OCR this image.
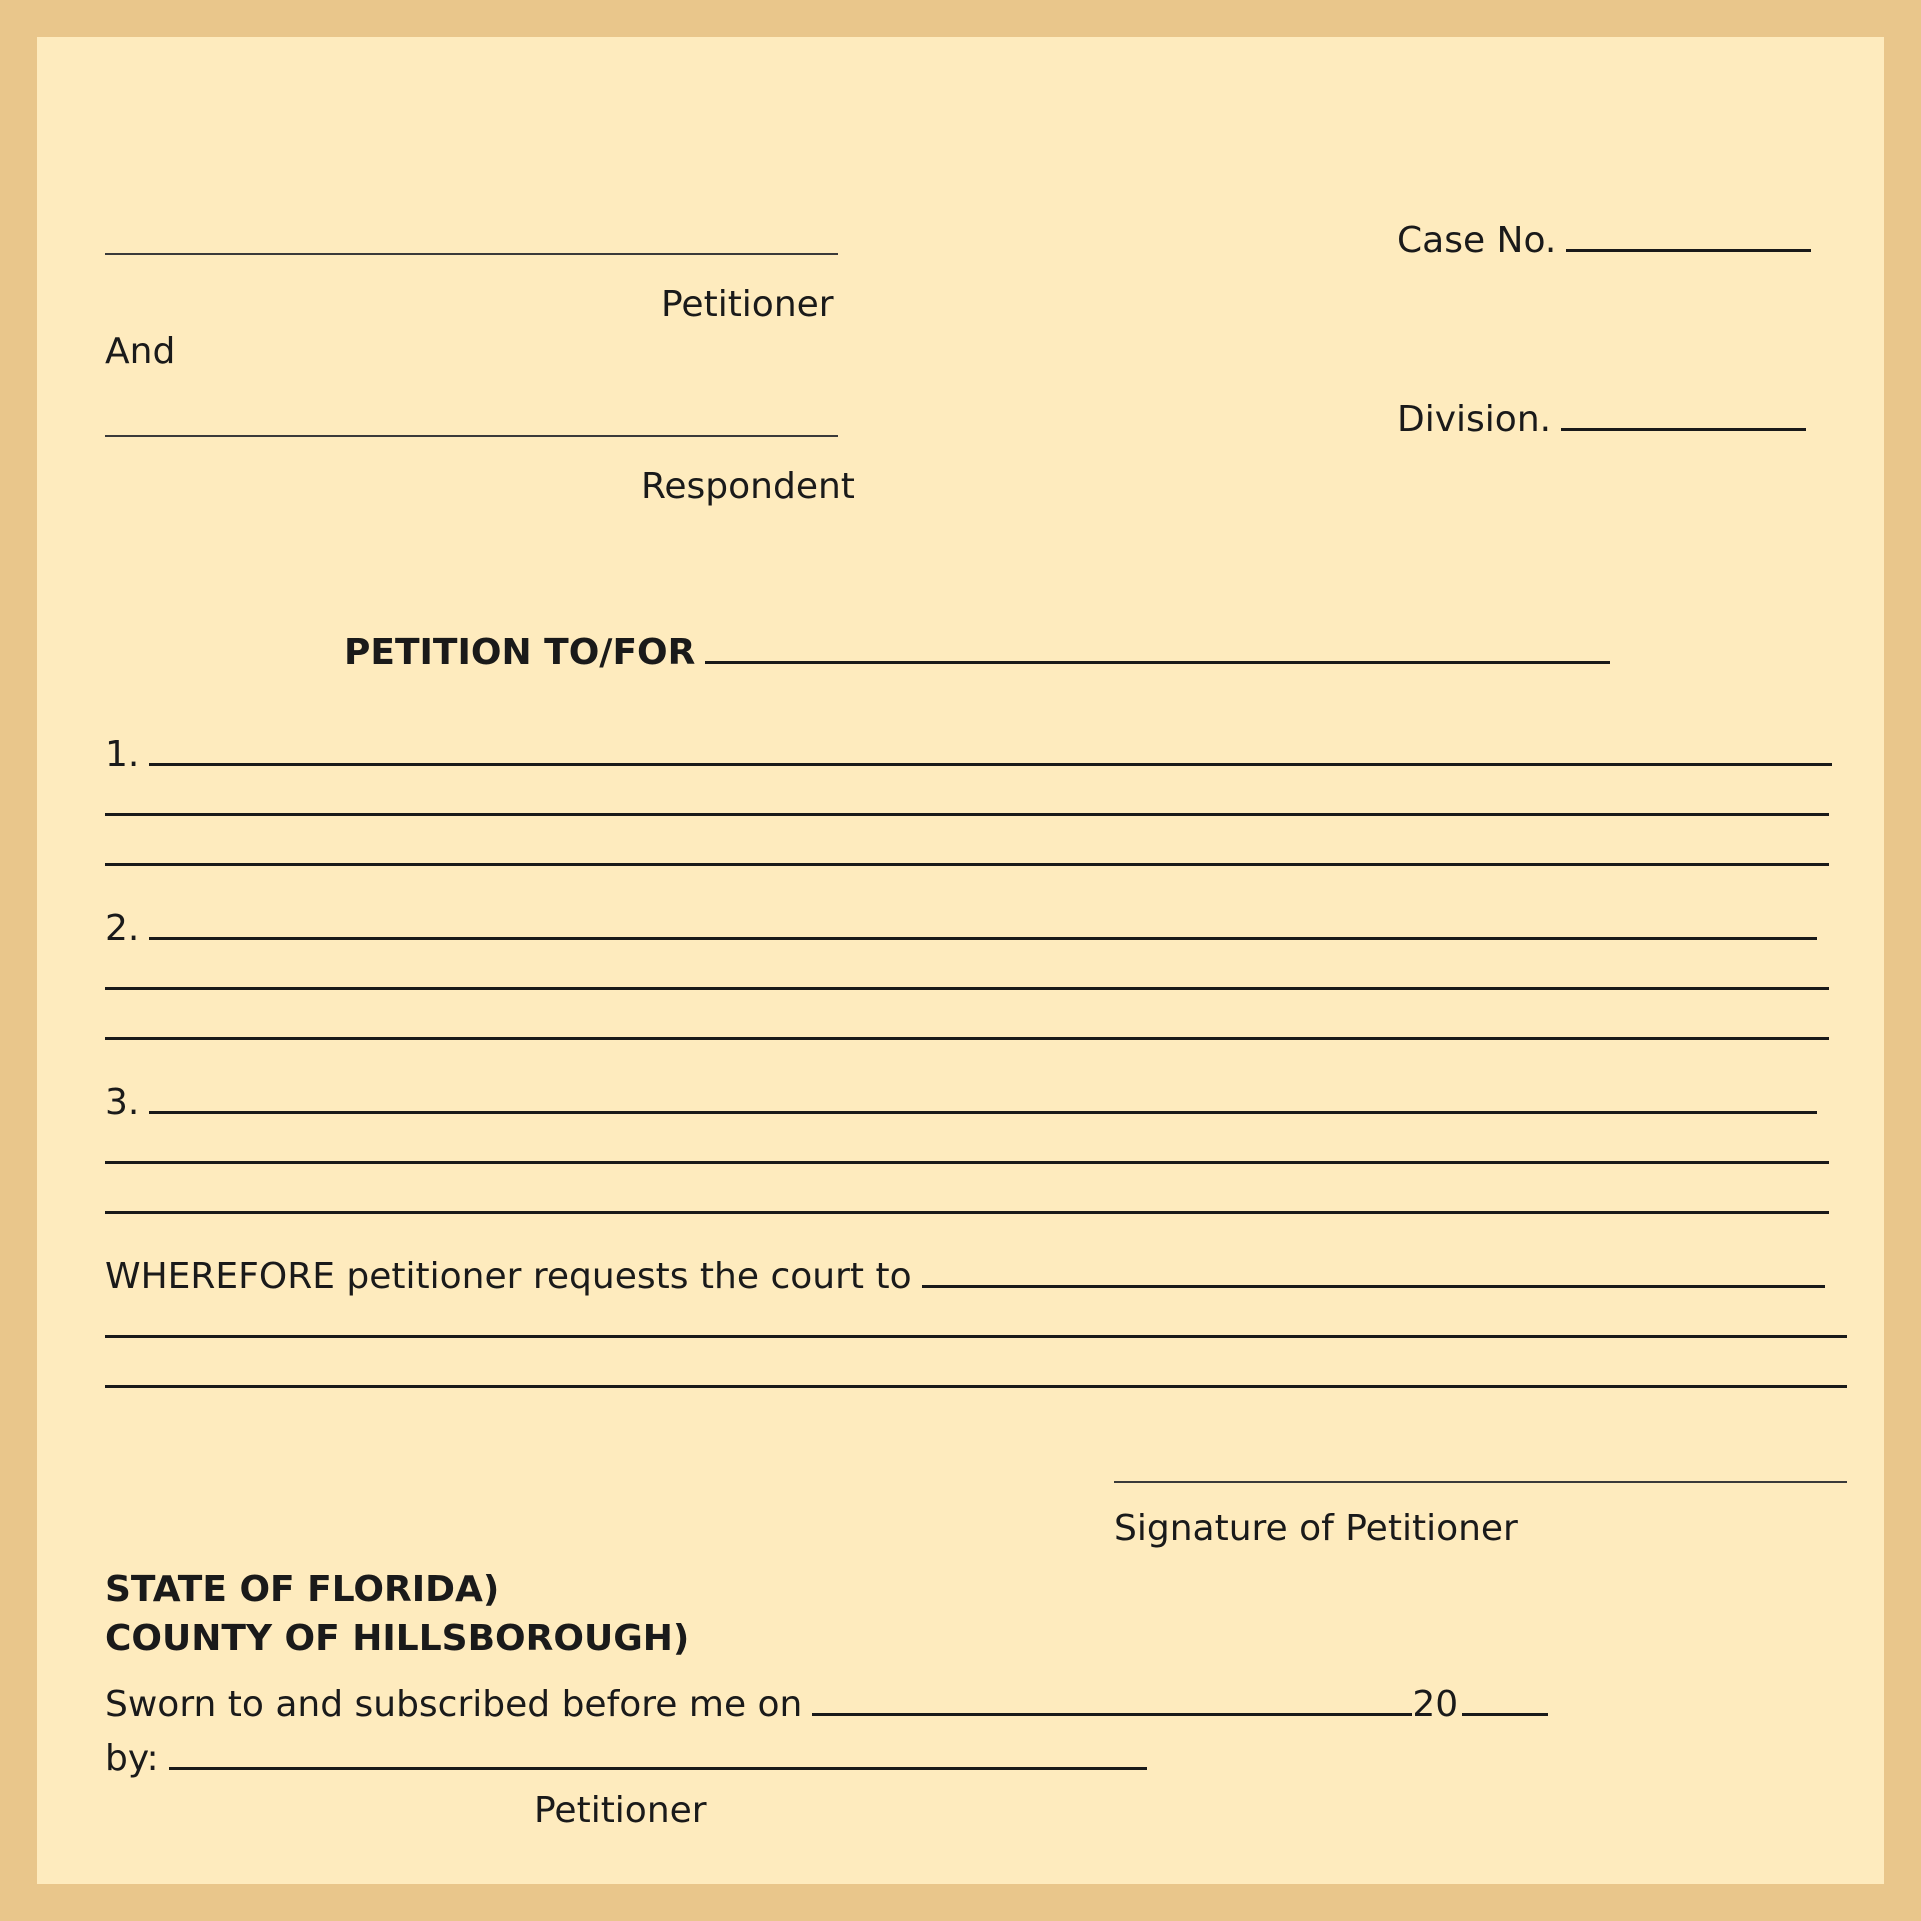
Petitioner
And
Respondent
Case No.
Division.
PETITION TO/FOR
1.
2.
3.
WHEREFORE petitioner requests the court to
Signature of Petitioner
STATE OF FLORIDA)
COUNTY OF HILLSBOROUGH)
Sworn to and subscribed before me on	20
by:
Petitioner
